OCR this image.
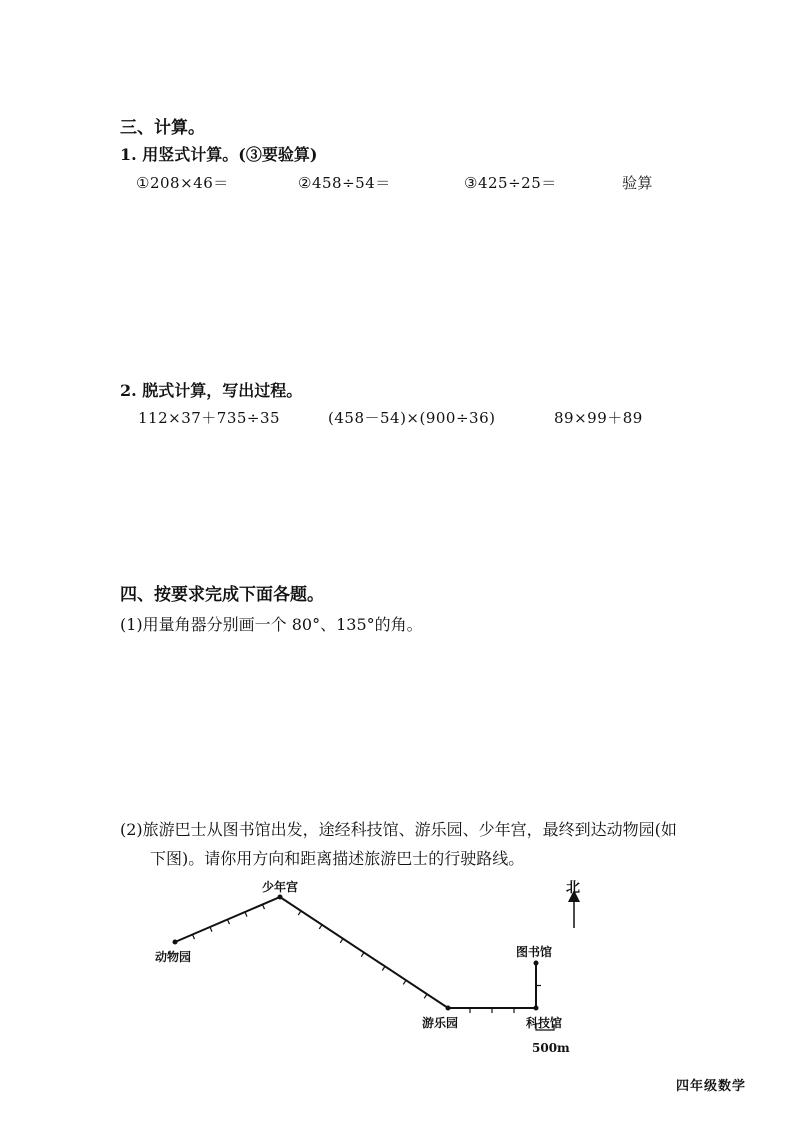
三、计算。
1. 用竖式计算。(③要验算)
①208×46＝	②458÷54＝	③425÷25＝	验算
2. 脱式计算，写出过程。
112×37＋735÷35	(458－54)×(900÷36)	89×99＋89
四、按要求完成下面各题。
(1)用量角器分别画一个 80°、135°的角。
(2)旅游巴士从图书馆出发，途经科技馆、游乐园、少年宫，最终到达动物园(如
下图)。请你用方向和距离描述旅游巴士的行驶路线。
动物园
少年宫
游乐园	科技馆
图书馆
北
500m
四年级数学
